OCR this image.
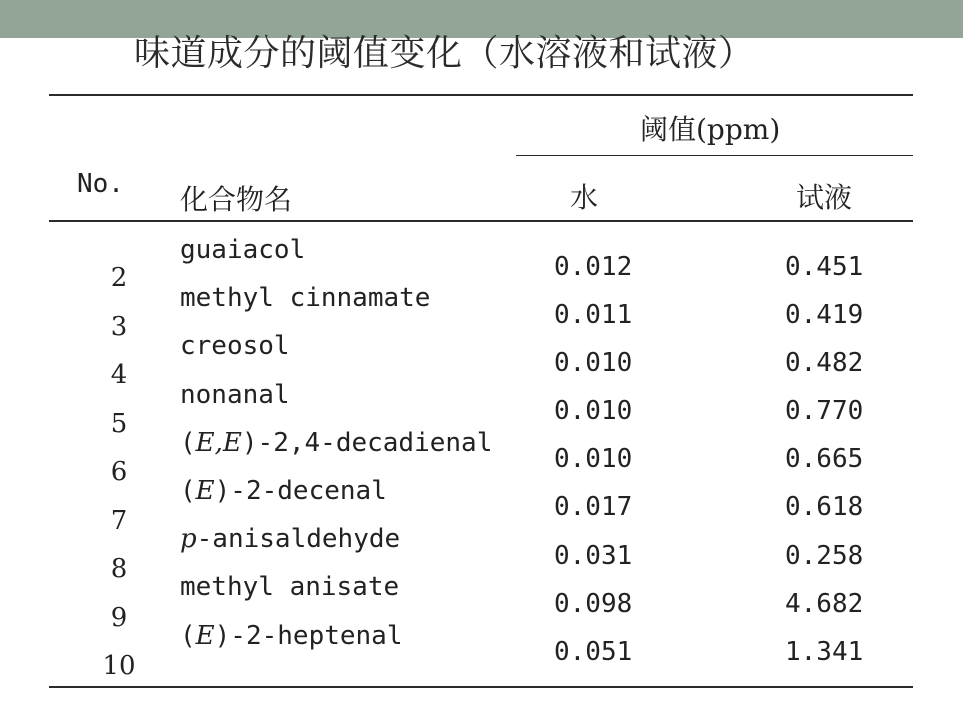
味道成分的阈值变化（水溶液和试液）
阈值(ppm)
No. 化合物名	水	试液
2
3
4
5
6
7
8
9
10
guaiacol
methyl cinnamate
creosol
nonanal
(E,E)-2,4-decadienal
(E)-2-decenal
p-anisaldehyde
methyl anisate
(E)-2-heptenal
0.012
0.011
0.010
0.010
0.010
0.017
0.031
0.098
0.051
0.451
0.419
0.482
0.770
0.665
0.618
0.258
4.682
1.341
